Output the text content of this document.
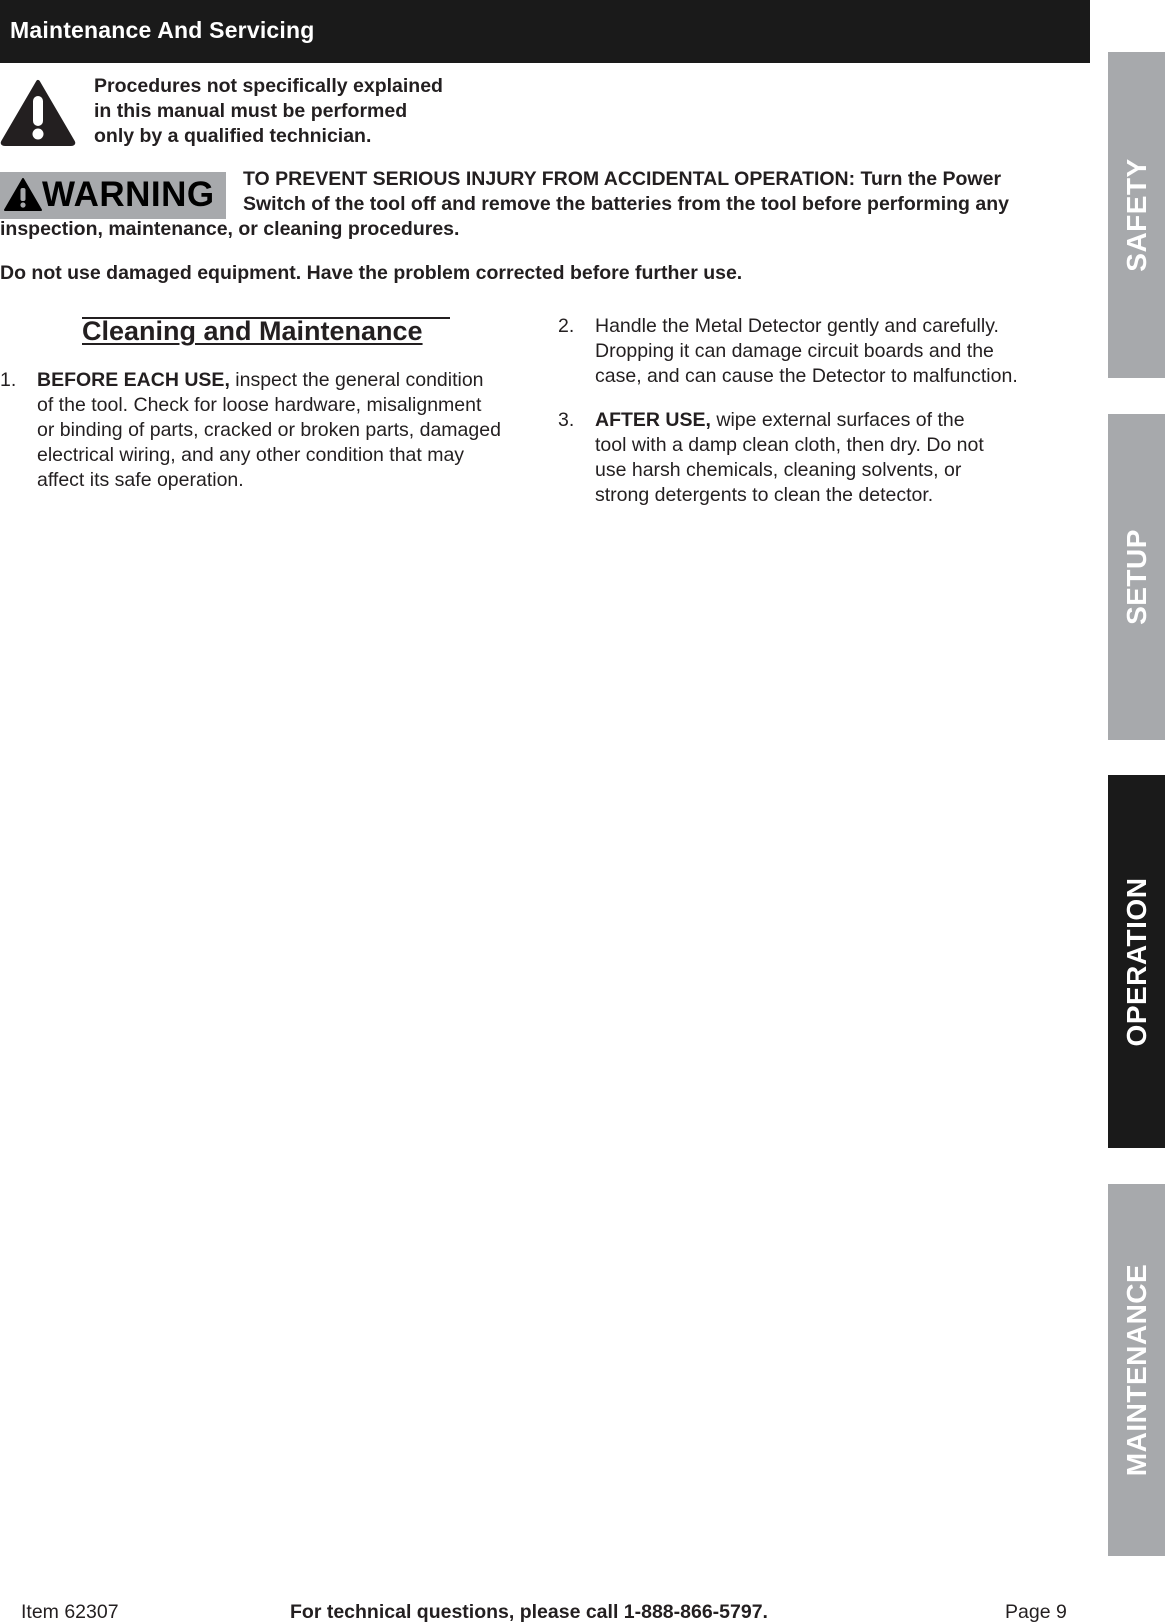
Maintenance And Servicing
Procedures not specifically explained
in this manual must be performed
only by a qualified technician.
WARNING TO PREVENT SERIOUS INJURY FROM ACCIDENTAL OPERATION: Turn the Power
Switch of the tool off and remove the batteries from the tool before performing any
inspection, maintenance, or cleaning procedures.
Do not use damaged equipment. Have the problem corrected before further use.
Cleaning and Maintenance
1. BEFORE EACH USE, inspect the general condition
of the tool. Check for loose hardware, misalignment
or binding of parts, cracked or broken parts, damaged
electrical wiring, and any other condition that may
affect its safe operation.
2. Handle the Metal Detector gently and carefully.
Dropping it can damage circuit boards and the
case, and can cause the Detector to malfunction.
3. AFTER USE, wipe external surfaces of the
tool with a damp clean cloth, then dry. Do not
use harsh chemicals, cleaning solvents, or
strong detergents to clean the detector.
SAFETY
SETUP
OPERATION
MAINTENANCE
Item 62307	For technical questions, please call 1-888-866-5797.	Page 9
